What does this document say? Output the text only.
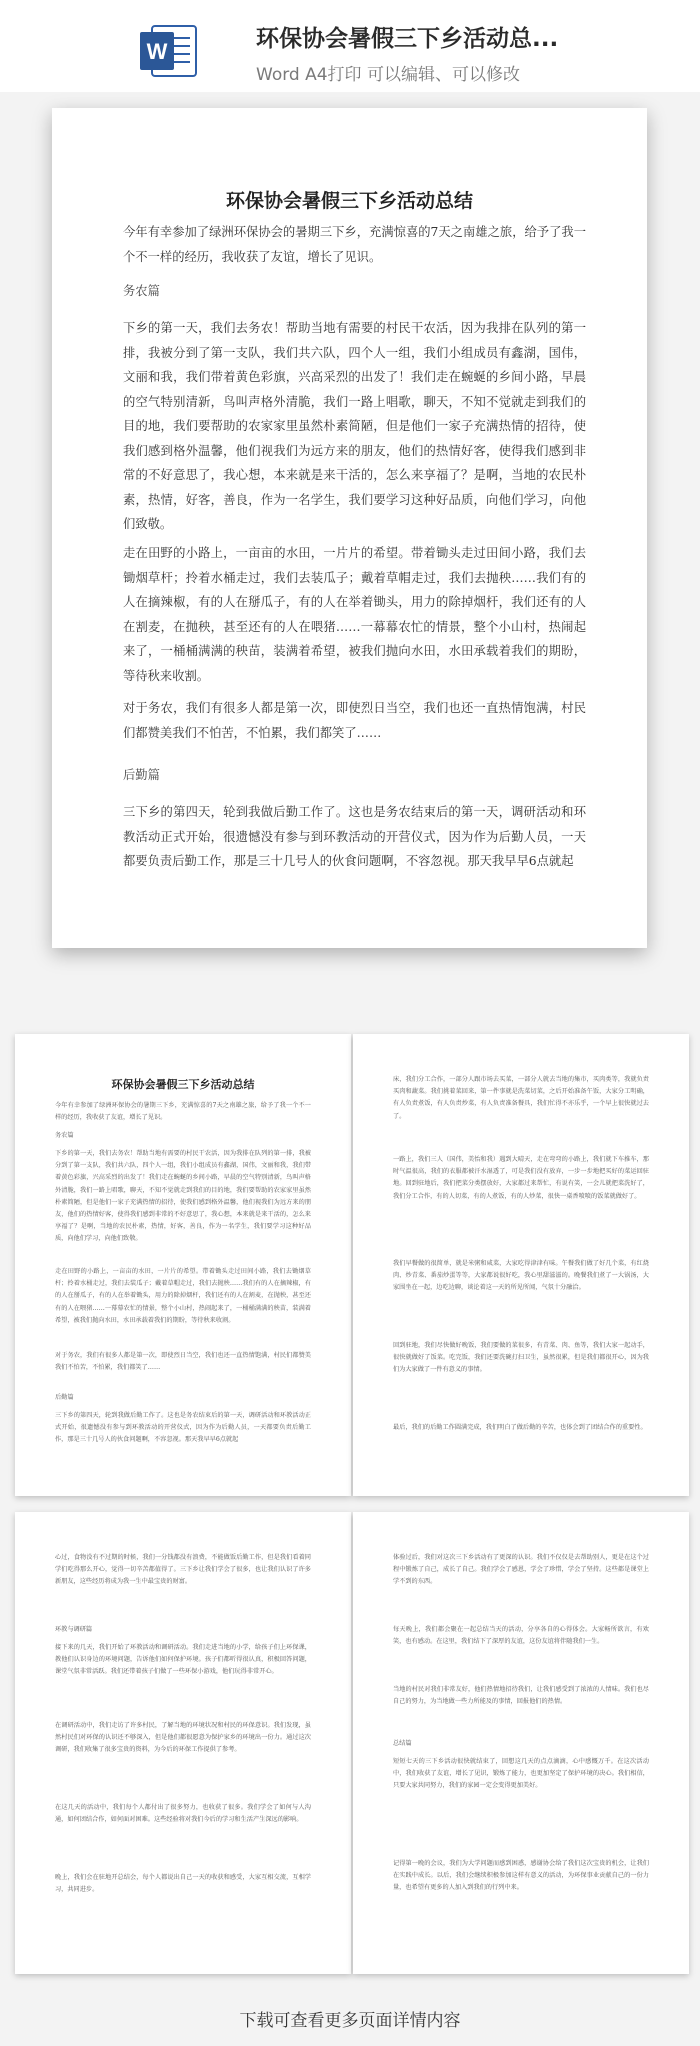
W	环保协会暑假三下乡活动总...
Word A4打印 可以编辑、可以修改
环保协会暑假三下乡活动总结
今年有幸参加了绿洲环保协会的暑期三下乡，充满惊喜的7天之南雄之旅，给予了我一个不一样的经历，我收获了友谊，增长了见识。
务农篇
下乡的第一天，我们去务农！帮助当地有需要的村民干农活，因为我排在队列的第一排，我被分到了第一支队，我们共六队，四个人一组，我们小组成员有鑫湖，国伟，文丽和我，我们带着黄色彩旗，兴高采烈的出发了！我们走在蜿蜒的乡间小路，早晨的空气特别清新，鸟叫声格外清脆，我们一路上唱歌，聊天，不知不觉就走到我们的目的地，我们要帮助的农家家里虽然朴素简陋，但是他们一家子充满热情的招待，使我们感到格外温馨，他们视我们为远方来的朋友，他们的热情好客，使得我们感到非常的不好意思了，我心想，本来就是来干活的，怎么来享福了？是啊，当地的农民朴素，热情，好客，善良，作为一名学生，我们要学习这种好品质，向他们学习，向他们致敬。
走在田野的小路上，一亩亩的水田，一片片的希望。带着锄头走过田间小路，我们去锄烟草杆；拎着水桶走过，我们去装瓜子；戴着草帽走过，我们去抛秧……我们有的人在摘辣椒，有的人在掰瓜子，有的人在举着锄头，用力的除掉烟杆，我们还有的人在割麦，在抛秧，甚至还有的人在喂猪……一幕幕农忙的情景，整个小山村，热闹起来了，一桶桶满满的秧苗，装满着希望，被我们抛向水田，水田承载着我们的期盼，等待秋来收割。
对于务农，我们有很多人都是第一次，即使烈日当空，我们也还一直热情饱满，村民们都赞美我们不怕苦，不怕累，我们都笑了……
后勤篇
三下乡的第四天，轮到我做后勤工作了。这也是务农结束后的第一天，调研活动和环教活动正式开始，很遗憾没有参与到环教活动的开营仪式，因为作为后勤人员，一天都要负责后勤工作，那是三十几号人的伙食问题啊，不容忽视。那天我早早6点就起
环保协会暑假三下乡活动总结
今年有幸参加了绿洲环保协会的暑期三下乡，充满惊喜的7天之南雄之旅，给予了我一个不一样的经历，我收获了友谊，增长了见识。
务农篇
下乡的第一天，我们去务农！帮助当地有需要的村民干农活，因为我排在队列的第一排，我被分到了第一支队，我们共六队，四个人一组，我们小组成员有鑫湖，国伟，文丽和我，我们带着黄色彩旗，兴高采烈的出发了！我们走在蜿蜒的乡间小路，早晨的空气特别清新，鸟叫声格外清脆，我们一路上唱歌，聊天，不知不觉就走到我们的目的地，我们要帮助的农家家里虽然朴素简陋，但是他们一家子充满热情的招待，使我们感到格外温馨，他们视我们为远方来的朋友，他们的热情好客，使得我们感到非常的不好意思了，我心想，本来就是来干活的，怎么来享福了？是啊，当地的农民朴素，热情，好客，善良，作为一名学生，我们要学习这种好品质，向他们学习，向他们致敬。
走在田野的小路上，一亩亩的水田，一片片的希望。带着锄头走过田间小路，我们去锄烟草杆；拎着水桶走过，我们去装瓜子；戴着草帽走过，我们去抛秧……我们有的人在摘辣椒，有的人在掰瓜子，有的人在举着锄头，用力的除掉烟杆，我们还有的人在割麦，在抛秧，甚至还有的人在喂猪……一幕幕农忙的情景，整个小山村，热闹起来了，一桶桶满满的秧苗，装满着希望，被我们抛向水田，水田承载着我们的期盼，等待秋来收割。
对于务农，我们有很多人都是第一次，即使烈日当空，我们也还一直热情饱满，村民们都赞美我们不怕苦，不怕累，我们都笑了……
后勤篇
三下乡的第四天，轮到我做后勤工作了。这也是务农结束后的第一天，调研活动和环教活动正式开始，很遗憾没有参与到环教活动的开营仪式，因为作为后勤人员，一天都要负责后勤工作，那是三十几号人的伙食问题啊，不容忽视。那天我早早6点就起
床，我们分工合作，一部分人跟市场去买菜，一部分人就去当地的集市，买肉类等，我就负责买肉和蔬菜。我们挑着菜回来，第一件事就是洗菜切菜，之后开始准备午饭，大家分工明确，有人负责煮饭，有人负责炒菜，有人负责准备餐具，我们忙得不亦乐乎，一个早上很快就过去了。
一路上，我们三人（国伟，美怡和我）遇到大晴天，走在弯弯的小路上，我们就下车推车，那时气温很高，我们的衣服都被汗水湿透了，可是我们没有放弃，一步一步地把买好的菜运回驻地。回到驻地后，我们把菜分类摆放好，大家都过来帮忙，有说有笑，一会儿就把菜洗好了，我们分工合作，有的人切菜，有的人煮饭，有的人炒菜，很快一桌香喷喷的饭菜就做好了。
我们早餐做的很简单，就是米粥和咸菜，大家吃得津津有味。午餐我们做了好几个菜，有红烧肉、炒青菜、番茄炒蛋等等，大家都说很好吃，我心里甜滋滋的。晚餐我们煮了一大锅汤，大家围坐在一起，边吃边聊，谈论着这一天的所见所闻，气氛十分融洽。
回到驻地，我们尽快做好晚饭，我们要做的菜很多，有青菜、肉、鱼等，我们大家一起动手，很快就做好了饭菜。吃完饭，我们还要洗碗打扫卫生，虽然很累，但是我们都很开心，因为我们为大家做了一件有意义的事情。
最后，我们的后勤工作圆满完成，我们明白了做后勤的辛苦，也体会到了团结合作的重要性。
心过，食物没有不过期的时候，我们一分钱都没有浪费，不能做饭后勤工作，但是我们看着同学们吃得那么开心，觉得一切辛苦都值得了。三下乡让我们学会了很多，也让我们认识了许多新朋友，这些经历将成为我一生中最宝贵的财富。
环教与调研篇
接下来的几天，我们开始了环教活动和调研活动。我们走进当地的小学，给孩子们上环保课，教他们认识身边的环境问题，告诉他们如何保护环境。孩子们都听得很认真，积极回答问题，课堂气氛非常活跃。我们还带着孩子们做了一些环保小游戏，他们玩得非常开心。
在调研活动中，我们走访了许多村民，了解当地的环境状况和村民的环保意识。我们发现，虽然村民们对环保的认识还不够深入，但是他们都很愿意为保护家乡的环境出一份力。通过这次调研，我们收集了很多宝贵的资料，为今后的环保工作提供了参考。
在这几天的活动中，我们每个人都付出了很多努力，也收获了很多。我们学会了如何与人沟通，如何团结合作，如何面对困难。这些经验将对我们今后的学习和生活产生深远的影响。
晚上，我们会在驻地开总结会，每个人都说出自己一天的收获和感受，大家互相交流，互相学习，共同进步。
体验过后，我们对这次三下乡活动有了更深的认识。我们不仅仅是去帮助别人，更是在这个过程中锻炼了自己，成长了自己。我们学会了感恩，学会了珍惜，学会了坚持。这些都是课堂上学不到的东西。
每天晚上，我们都会聚在一起总结当天的活动，分享各自的心得体会。大家畅所欲言，有欢笑，也有感动。在这里，我们结下了深厚的友谊，这份友谊将伴随我们一生。
当地的村民对我们非常友好，他们热情地招待我们，让我们感受到了浓浓的人情味。我们也尽自己的努力，为当地做一些力所能及的事情，回报他们的热情。
总结篇
短短七天的三下乡活动很快就结束了，回想这几天的点点滴滴，心中感慨万千。在这次活动中，我们收获了友谊，增长了见识，锻炼了能力，也更加坚定了保护环境的决心。我们相信，只要大家共同努力，我们的家园一定会变得更加美好。
记得第一晚的会议，我们为大学问题而感到困惑，感谢协会给了我们这次宝贵的机会，让我们在实践中成长。以后，我们会继续积极参加这样有意义的活动，为环保事业贡献自己的一份力量，也希望有更多的人加入到我们的行列中来。
下载可查看更多页面详情内容
